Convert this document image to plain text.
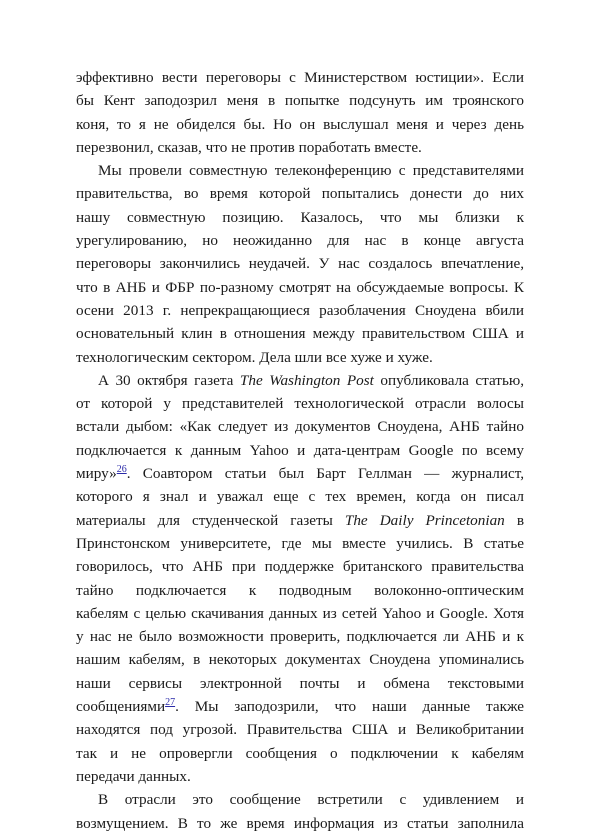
эффективно вести переговоры с Министерством юстиции». Если
бы Кент заподозрил меня в попытке подсунуть им троянского
коня, то я не обиделся бы. Но он выслушал меня и через день
перезвонил, сказав, что не против поработать вместе.
Мы провели совместную телеконференцию с представителями
правительства, во время которой попытались донести до них
нашу совместную позицию. Казалось, что мы близки к
урегулированию, но неожиданно для нас в конце августа
переговоры закончились неудачей. У нас создалось впечатление,
что в АНБ и ФБР по-разному смотрят на обсуждаемые вопросы. К
осени 2013 г. непрекращающиеся разоблачения Сноудена вбили
основательный клин в отношения между правительством США и
технологическим сектором. Дела шли все хуже и хуже.
А 30 октября газета The Washington Post опубликовала статью,
от которой у представителей технологической отрасли волосы
встали дыбом: «Как следует из документов Сноудена, АНБ тайно
подключается к данным Yahoo и дата-центрам Google по всему
миру»$^{26}$. Соавтором статьи был Барт Геллман — журналист,
которого я знал и уважал еще с тех времен, когда он писал
материалы для студенческой газеты The Daily Princetonian в
Принстонском университете, где мы вместе учились. В статье
говорилось, что АНБ при поддержке британского правительства
тайно подключается к подводным волоконно-оптическим
кабелям с целью скачивания данных из сетей Yahoo и Google. Хотя
у нас не было возможности проверить, подключается ли АНБ и к
нашим кабелям, в некоторых документах Сноудена упоминались
наши сервисы электронной почты и обмена текстовыми
сообщениями$^{27}$. Мы заподозрили, что наши данные также
находятся под угрозой. Правительства США и Великобритании
так и не опровергли сообщения о подключении к кабелям
передачи данных.
В отрасли это сообщение встретили с удивлением и
возмущением. В то же время информация из статьи заполнила
